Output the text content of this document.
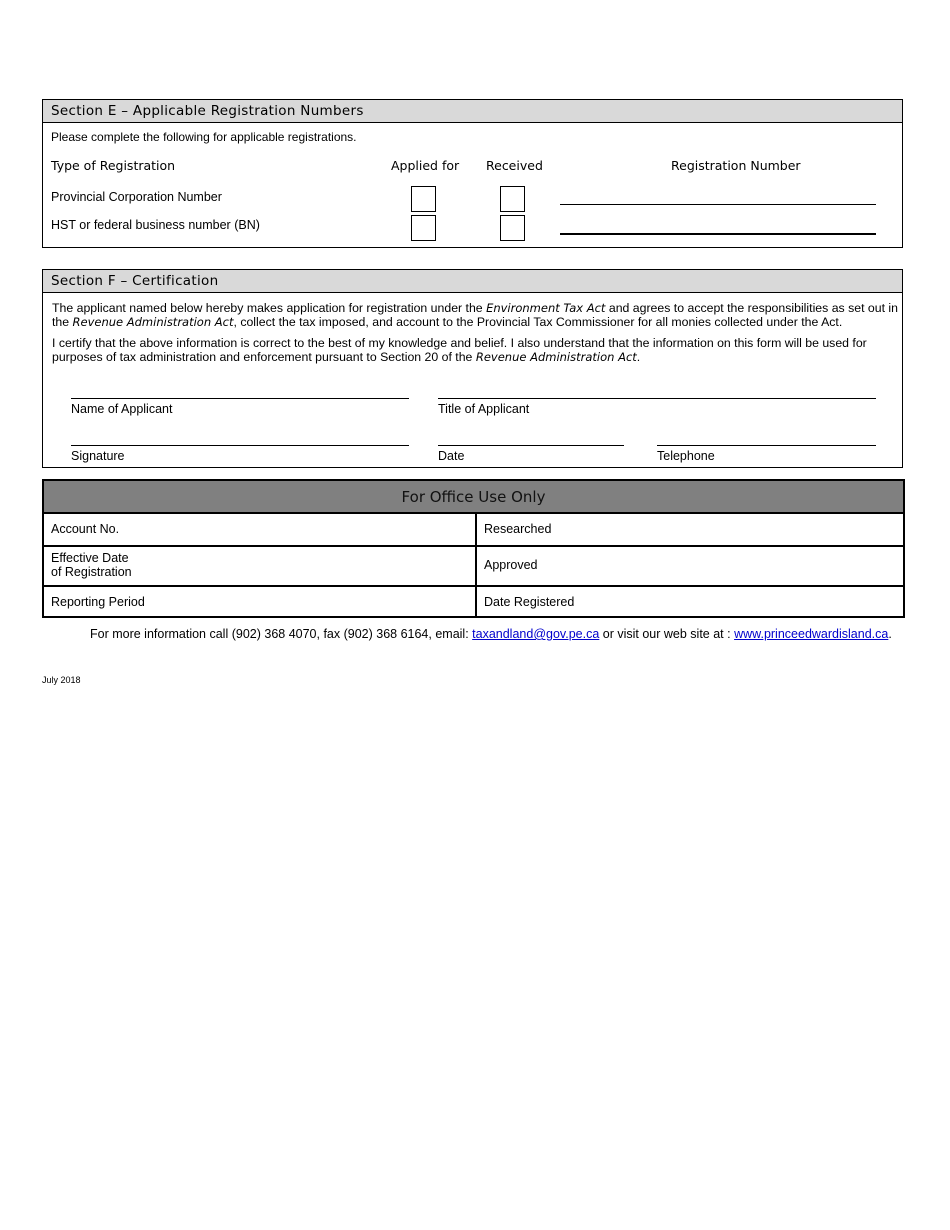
Section E – Applicable Registration Numbers
Please complete the following for applicable registrations.
Type of Registration	Applied for Received	Registration Number
Provincial Corporation Number
HST or federal business number (BN)
Section F – Certification
The applicant named below hereby makes application for registration under the Environment Tax Act and agrees to accept the responsibilities as set out in the Revenue Administration Act, collect the tax imposed, and account to the Provincial Tax Commissioner for all monies collected under the Act.
I certify that the above information is correct to the best of my knowledge and belief. I also understand that the information on this form will be used for purposes of tax administration and enforcement pursuant to Section 20 of the Revenue Administration Act.
Name of Applicant	Title of Applicant
Signature	Date	Telephone
For Office Use Only
Account No.	Researched
Effective Date
of Registration	Approved
Reporting Period	Date Registered
For more information call (902) 368 4070, fax (902) 368 6164, email: taxandland@gov.pe.ca or visit our web site at : www.princeedwardisland.ca.
July 2018
